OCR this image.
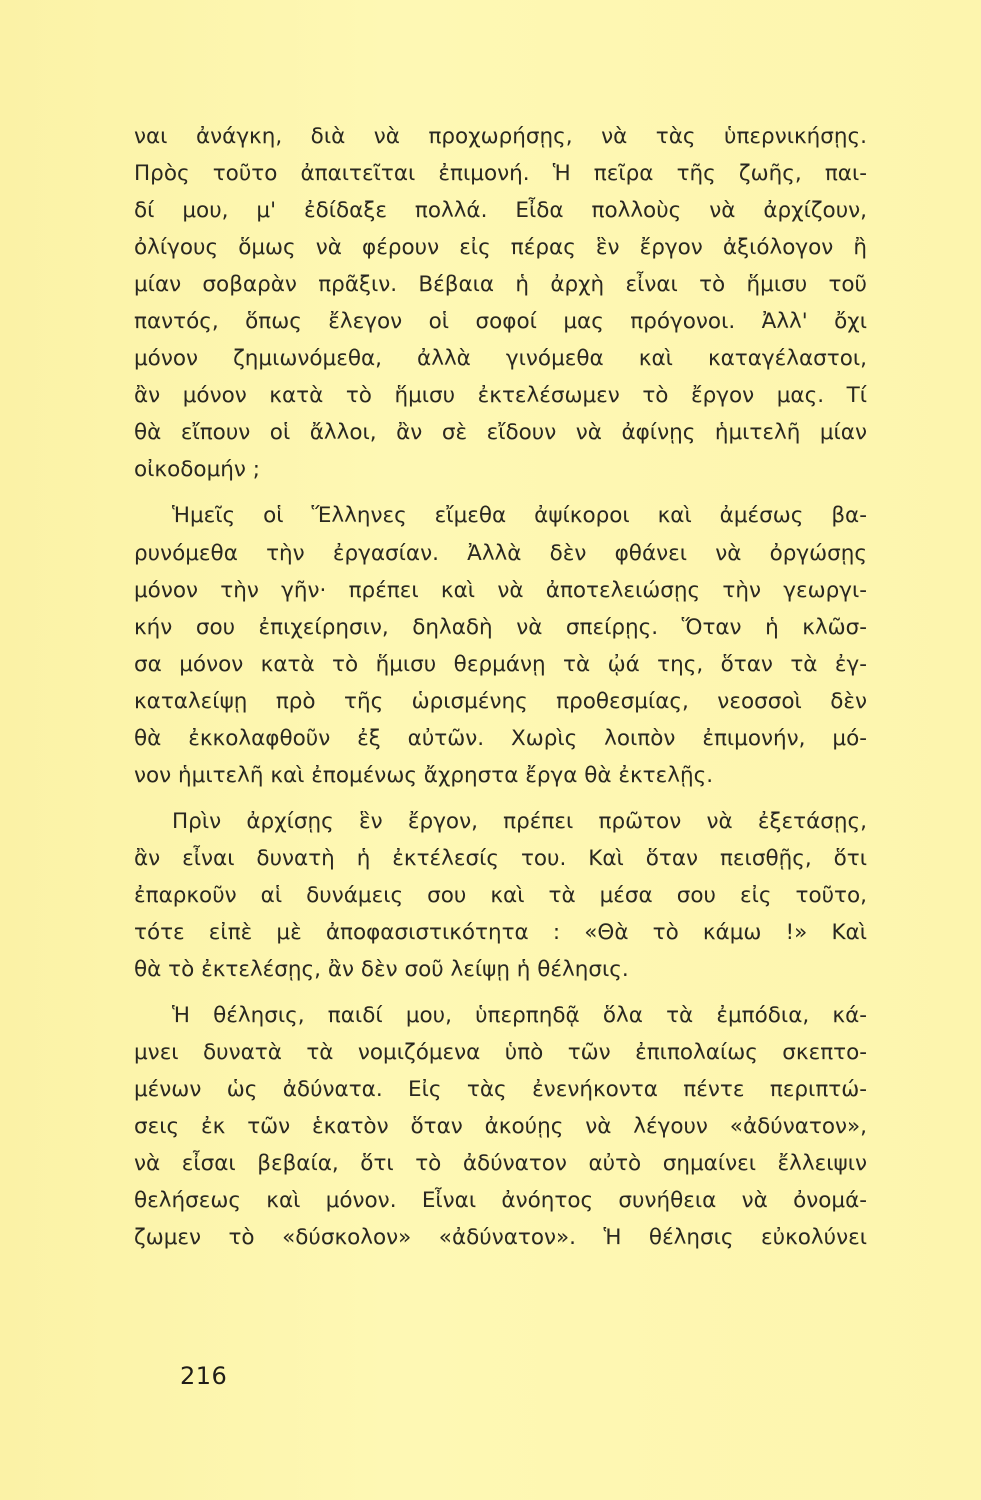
ναι ἀνάγκη, διὰ νὰ προχωρήσῃς, νὰ τὰς ὑπερνικήσῃς.
Πρὸς τοῦτο ἀπαιτεῖται ἐπιμονή. Ἡ πεῖρα τῆς ζωῆς, παι-
δί μου, μ' ἐδίδαξε πολλά. Εἶδα πολλοὺς νὰ ἀρχίζουν,
ὀλίγους ὅμως νὰ φέρουν εἰς πέρας ἓν ἔργον ἀξιόλογον ἢ
μίαν σοβαρὰν πρᾶξιν. Βέβαια ἡ ἀρχὴ εἶναι τὸ ἥμισυ τοῦ
παντός, ὅπως ἔλεγον οἱ σοφοί μας πρόγονοι. Ἀλλ' ὄχι
μόνον ζημιωνόμεθα, ἀλλὰ γινόμεθα καὶ καταγέλαστοι,
ἂν μόνον κατὰ τὸ ἥμισυ ἐκτελέσωμεν τὸ ἔργον μας. Τί
θὰ εἴπουν οἱ ἄλλοι, ἂν σὲ εἴδουν νὰ ἀφίνῃς ἡμιτελῆ μίαν
οἰκοδομήν ;
Ἡμεῖς οἱ Ἕλληνες εἴμεθα ἀψίκοροι καὶ ἀμέσως βα-
ρυνόμεθα τὴν ἐργασίαν. Ἀλλὰ δὲν φθάνει νὰ ὀργώσῃς
μόνον τὴν γῆν· πρέπει καὶ νὰ ἀποτελειώσῃς τὴν γεωργι-
κήν σου ἐπιχείρησιν, δηλαδὴ νὰ σπείρῃς. Ὅταν ἡ κλῶσ-
σα μόνον κατὰ τὸ ἥμισυ θερμάνῃ τὰ ᾠά της, ὅταν τὰ ἐγ-
καταλείψῃ πρὸ τῆς ὡρισμένης προθεσμίας, νεοσσοὶ δὲν
θὰ ἐκκολαφθοῦν ἐξ αὐτῶν. Χωρὶς λοιπὸν ἐπιμονήν, μό-
νον ἡμιτελῆ καὶ ἐπομένως ἄχρηστα ἔργα θὰ ἐκτελῇς.
Πρὶν ἀρχίσῃς ἓν ἔργον, πρέπει πρῶτον νὰ ἐξετάσῃς,
ἂν εἶναι δυνατὴ ἡ ἐκτέλεσίς του. Καὶ ὅταν πεισθῇς, ὅτι
ἐπαρκοῦν αἱ δυνάμεις σου καὶ τὰ μέσα σου εἰς τοῦτο,
τότε εἰπὲ μὲ ἀποφασιστικότητα : «Θὰ τὸ κάμω !» Καὶ
θὰ τὸ ἐκτελέσῃς, ἂν δὲν σοῦ λείψῃ ἡ θέλησις.
Ἡ θέλησις, παιδί μου, ὑπερπηδᾷ ὅλα τὰ ἐμπόδια, κά-
μνει δυνατὰ τὰ νομιζόμενα ὑπὸ τῶν ἐπιπολαίως σκεπτο-
μένων ὡς ἀδύνατα. Εἰς τὰς ἐνενήκοντα πέντε περιπτώ-
σεις ἐκ τῶν ἑκατὸν ὅταν ἀκούῃς νὰ λέγουν «ἀδύνατον»,
νὰ εἶσαι βεβαία, ὅτι τὸ ἀδύνατον αὐτὸ σημαίνει ἔλλειψιν
θελήσεως καὶ μόνον. Εἶναι ἀνόητος συνήθεια νὰ ὀνομά-
ζωμεν τὸ «δύσκολον» «ἀδύνατον». Ἡ θέλησις εὐκολύνει
216
